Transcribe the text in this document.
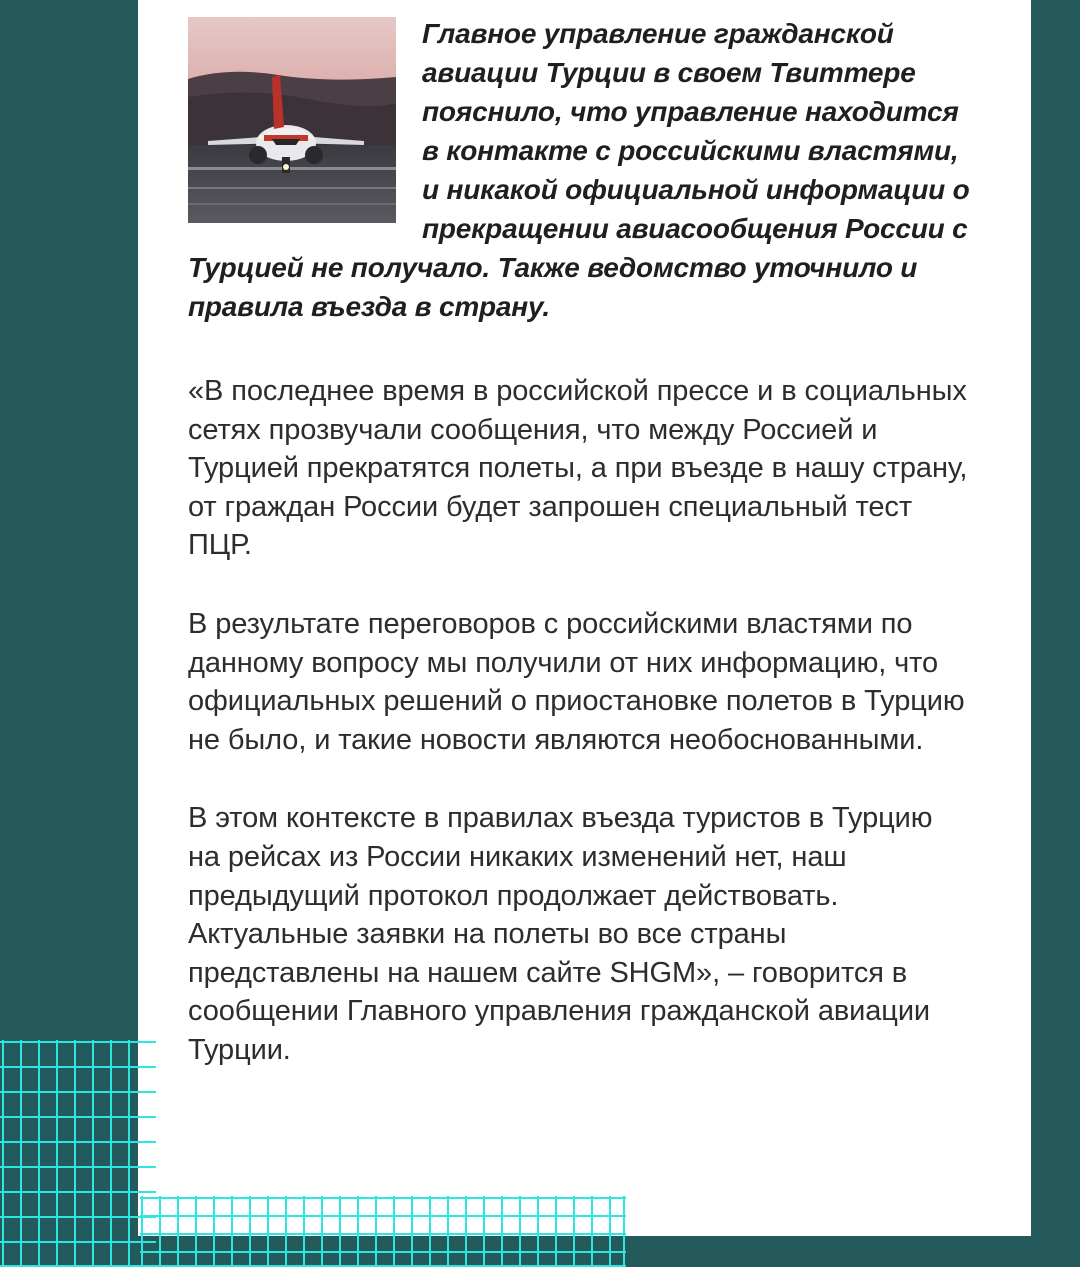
Главное управление гражданской авиации Турции в своем Твиттере пояснило, что управление находится в контакте с российскими властями, и никакой официальной информации о прекращении авиасообщения России с Турцией не получало. Также ведомство уточнило и правила въезда в страну.

«В последнее время в российской прессе и в социальных сетях прозвучали сообщения, что между Россией и Турцией прекратятся полеты, а при въезде в нашу страну, от граждан России будет запрошен специальный тест ПЦР.

В результате переговоров с российскими властями по данному вопросу мы получили от них информацию, что официальных решений о приостановке полетов в Турцию не было, и такие новости являются необоснованными.

В этом контексте в правилах въезда туристов в Турцию на рейсах из России никаких изменений нет, наш предыдущий протокол продолжает действовать. Актуальные заявки на полеты во все страны представлены на нашем сайте SHGM», – говорится в сообщении Главного управления гражданской авиации Турции.
